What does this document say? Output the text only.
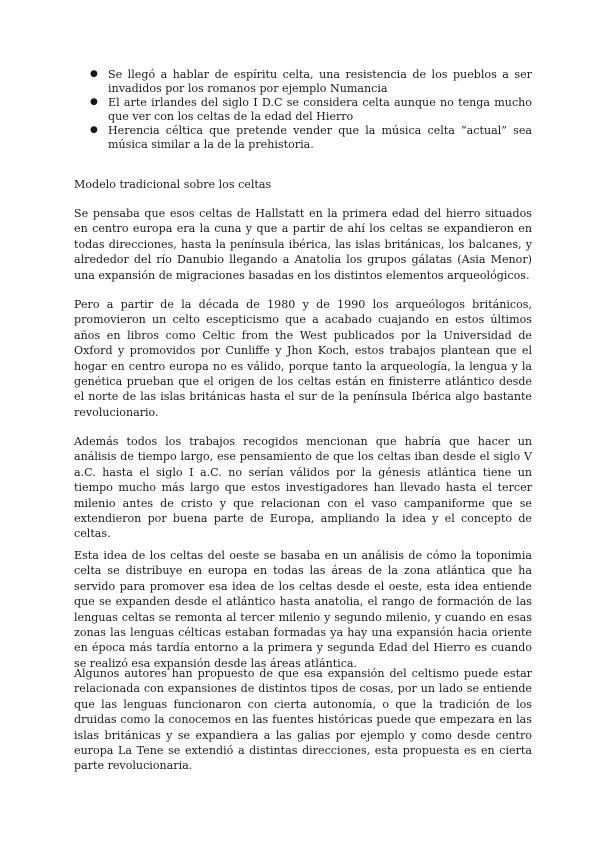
● Se llegó a hablar de espíritu celta, una resistencia de los pueblos a ser invadidos por los romanos por ejemplo Numancia
● El arte irlandes del siglo I D.C se considera celta aunque no tenga mucho que ver con los celtas de la edad del Hierro
● Herencia céltica que pretende vender que la música celta “actual” sea música similar a la de la prehistoria.
Modelo tradicional sobre los celtas

Se pensaba que esos celtas de Hallstatt en la primera edad del hierro situados en centro europa era la cuna y que a partir de ahí los celtas se expandieron en todas direcciones, hasta la península ibérica, las islas británicas, los balcanes, y alrededor del río Danubio llegando a Anatolia los grupos gálatas (Asia Menor) una expansión de migraciones basadas en los distintos elementos arqueológicos.

Pero a partir de la década de 1980 y de 1990 los arqueólogos británicos, promovieron un celto escepticismo que a acabado cuajando en estos últimos años en libros como Celtic from the West publicados por la Universidad de Oxford y promovidos por Cunliffe y Jhon Koch, estos trabajos plantean que el hogar en centro europa no es válido, porque tanto la arqueología, la lengua y la genética prueban que el origen de los celtas están en finisterre atlántico desde el norte de las islas británicas hasta el sur de la península Ibérica algo bastante revolucionario.

Además todos los trabajos recogidos mencionan que habría que hacer un análisis de tiempo largo, ese pensamiento de que los celtas iban desde el siglo V a.C. hasta el siglo I a.C. no serían válidos por la génesis atlántica tiene un tiempo mucho más largo que estos investigadores han llevado hasta el tercer milenio antes de cristo y que relacionan con el vaso campaniforme que se extendieron por buena parte de Europa, ampliando la idea y el concepto de celtas.

Esta idea de los celtas del oeste se basaba en un análisis de cómo la toponimia celta se distribuye en europa en todas las áreas de la zona atlántica que ha servido para promover esa idea de los celtas desde el oeste, esta idea entiende que se expanden desde el atlántico hasta anatolia, el rango de formación de las lenguas celtas se remonta al tercer milenio y segundo milenio, y cuando en esas zonas las lenguas célticas estaban formadas ya hay una expansión hacia oriente en época más tardía entorno a la primera y segunda Edad del Hierro es cuando se realizó esa expansión desde las áreas atlántica.

Algunos autores han propuesto de que esa expansión del celtismo puede estar relacionada con expansiones de distintos tipos de cosas, por un lado se entiende que las lenguas funcionaron con cierta autonomía, o que la tradición de los druidas como la conocemos en las fuentes históricas puede que empezara en las islas británicas y se expandiera a las galias por ejemplo y como desde centro europa La Tene se extendió a distintas direcciones, esta propuesta es en cierta parte revolucionaria.
